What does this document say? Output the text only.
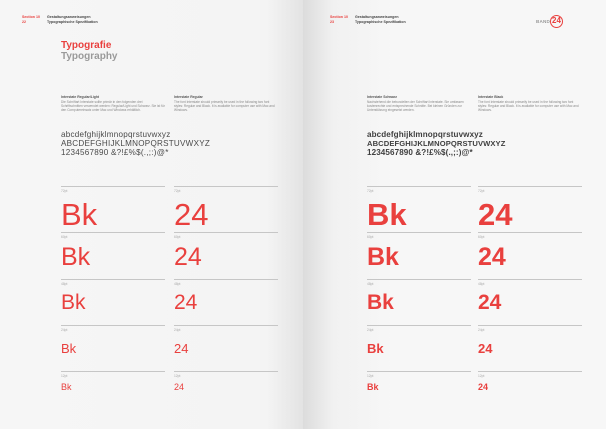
Section 10
22
Gestaltungsanweisungen
Typographische Spezifikation
Typografie
Typography
Interstate Regular/Light
Die Schriftart Interstate sollte primär in den folgenden drei Schriftschnitten verwendet werden: Regular/Light und Schwarz. Sie ist für den Computereinsatz unter Mac und Windows erhältlich.
Interstate Regular
The font Interstate should primarily be used in the following two font styles: Regular and Black. It is available for computer use with Mac and Windows.
abcdefghijklmnopqrstuvwxyz
ABCDEFGHIJKLMNOPQRSTUVWXYZ
1234567890 &?!£%$(.,;:)@*
72pt	72pt
60pt	60pt
48pt	48pt
24pt	24pt
12pt	12pt
Bk 24
Bk	24
Bk	24
Bk	24
Bk	24
Section 10
23
Gestaltungsanweisungen
Typographische Spezifikation	BAND 24
Interstate Schwarz
Nachstehend die bebundelten der Schriftart Interstate. Sie umfassen kostenrechte und entsprechende Schnitte. Bei kleinen Gründen zur Unterstützung eingesetzt werden.
Interstate Black
The font Interstate should primarily be used in the following two font styles: Regular and Black. It is available for computer use with Mac and Windows.
abcdefghijklmnopqrstuvwxyz
ABCDEFGHIJKLMNOPQRSTUVWXYZ
1234567890 &?!£%$(.,;:)@*
72pt	72pt
60pt	60pt
48pt	48pt
24pt	24pt
12pt	12pt
Bk 24
Bk	24
Bk	24
Bk	24
Bk	24
